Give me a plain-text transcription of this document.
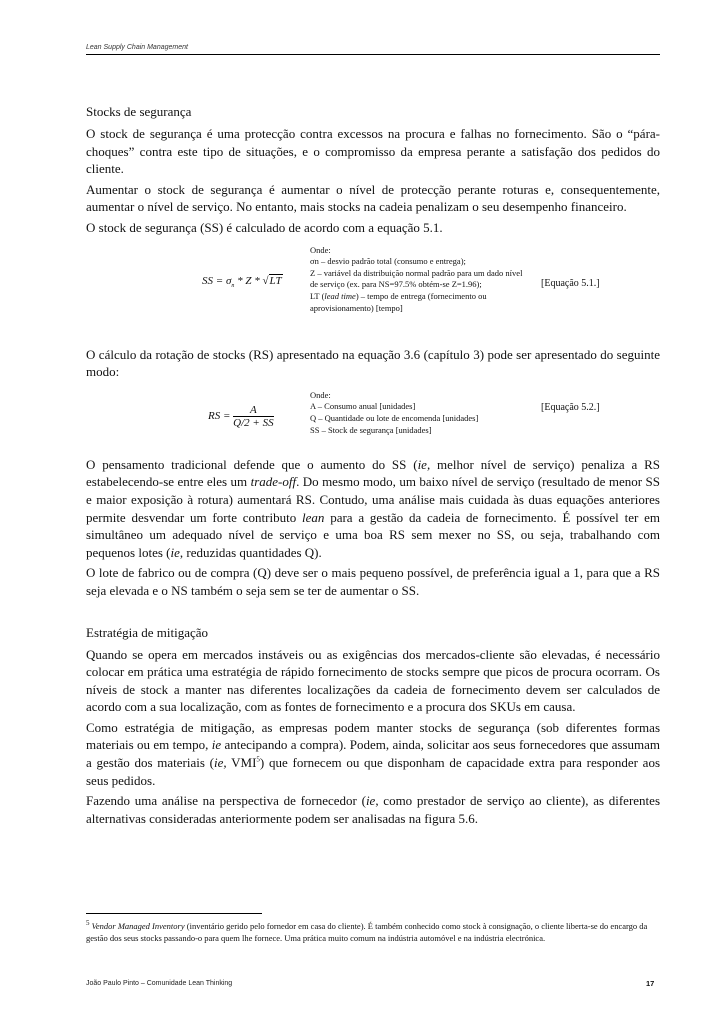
Lean Supply Chain Management
Stocks de segurança

O stock de segurança é uma protecção contra excessos na procura e falhas no fornecimento. São o “pára-choques” contra este tipo de situações, e o compromisso da empresa perante a satisfação dos pedidos do cliente.

Aumentar o stock de segurança é aumentar o nível de protecção perante roturas e, consequentemente, aumentar o nível de serviço. No entanto, mais stocks na cadeia penalizam o seu desempenho financeiro.

O stock de segurança (SS) é calculado de acordo com a equação 5.1.

SS = $\sigma_n$ * Z * √LT
Onde:
σn – desvio padrão total (consumo e entrega);
Z – variável da distribuição normal padrão para um dado nível de serviço (ex. para NS=97.5% obtém-se Z=1.96);
LT (lead time) – tempo de entrega (fornecimento ou aprovisionamento) [tempo]
[Equação 5.1.]

O cálculo da rotação de stocks (RS) apresentado na equação 3.6 (capítulo 3) pode ser apresentado do seguinte modo:

RS = $\frac{A}{Q/2 + SS}$
Onde:
A – Consumo anual [unidades]
Q – Quantidade ou lote de encomenda [unidades]
SS – Stock de segurança [unidades]
[Equação 5.2.]

O pensamento tradicional defende que o aumento do SS (ie, melhor nível de serviço) penaliza a RS estabelecendo-se entre eles um trade-off. Do mesmo modo, um baixo nível de serviço (resultado de menor SS e maior exposição à rotura) aumentará RS. Contudo, uma análise mais cuidada às duas equações anteriores permite desvendar um forte contributo lean para a gestão da cadeia de fornecimento. É possível ter em simultâneo um adequado nível de serviço e uma boa RS sem mexer no SS, ou seja, trabalhando com pequenos lotes (ie, reduzidas quantidades Q).

O lote de fabrico ou de compra (Q) deve ser o mais pequeno possível, de preferência igual a 1, para que a RS seja elevada e o NS também o seja sem se ter de aumentar o SS.

Estratégia de mitigação

Quando se opera em mercados instáveis ou as exigências dos mercados-cliente são elevadas, é necessário colocar em prática uma estratégia de rápido fornecimento de stocks sempre que picos de procura ocorram. Os níveis de stock a manter nas diferentes localizações da cadeia de fornecimento devem ser calculados de acordo com a sua localização, com as fontes de fornecimento e a procura dos SKUs em causa.

Como estratégia de mitigação, as empresas podem manter stocks de segurança (sob diferentes formas materiais ou em tempo, ie antecipando a compra). Podem, ainda, solicitar aos seus fornecedores que assumam a gestão dos materiais (ie, VMI$^5$) que fornecem ou que disponham de capacidade extra para responder aos seus pedidos.

Fazendo uma análise na perspectiva de fornecedor (ie, como prestador de serviço ao cliente), as diferentes alternativas consideradas anteriormente podem ser analisadas na figura 5.6.

$^5$ Vendor Managed Inventory (inventário gerido pelo fornedor em casa do cliente). É também conhecido como stock à consignação, o cliente liberta-se do encargo da gestão dos seus stocks passando-o para quem lhe fornece. Uma prática muito comum na indústria automóvel e na indústria electrónica.
João Paulo Pinto – Comunidade Lean Thinking	17
